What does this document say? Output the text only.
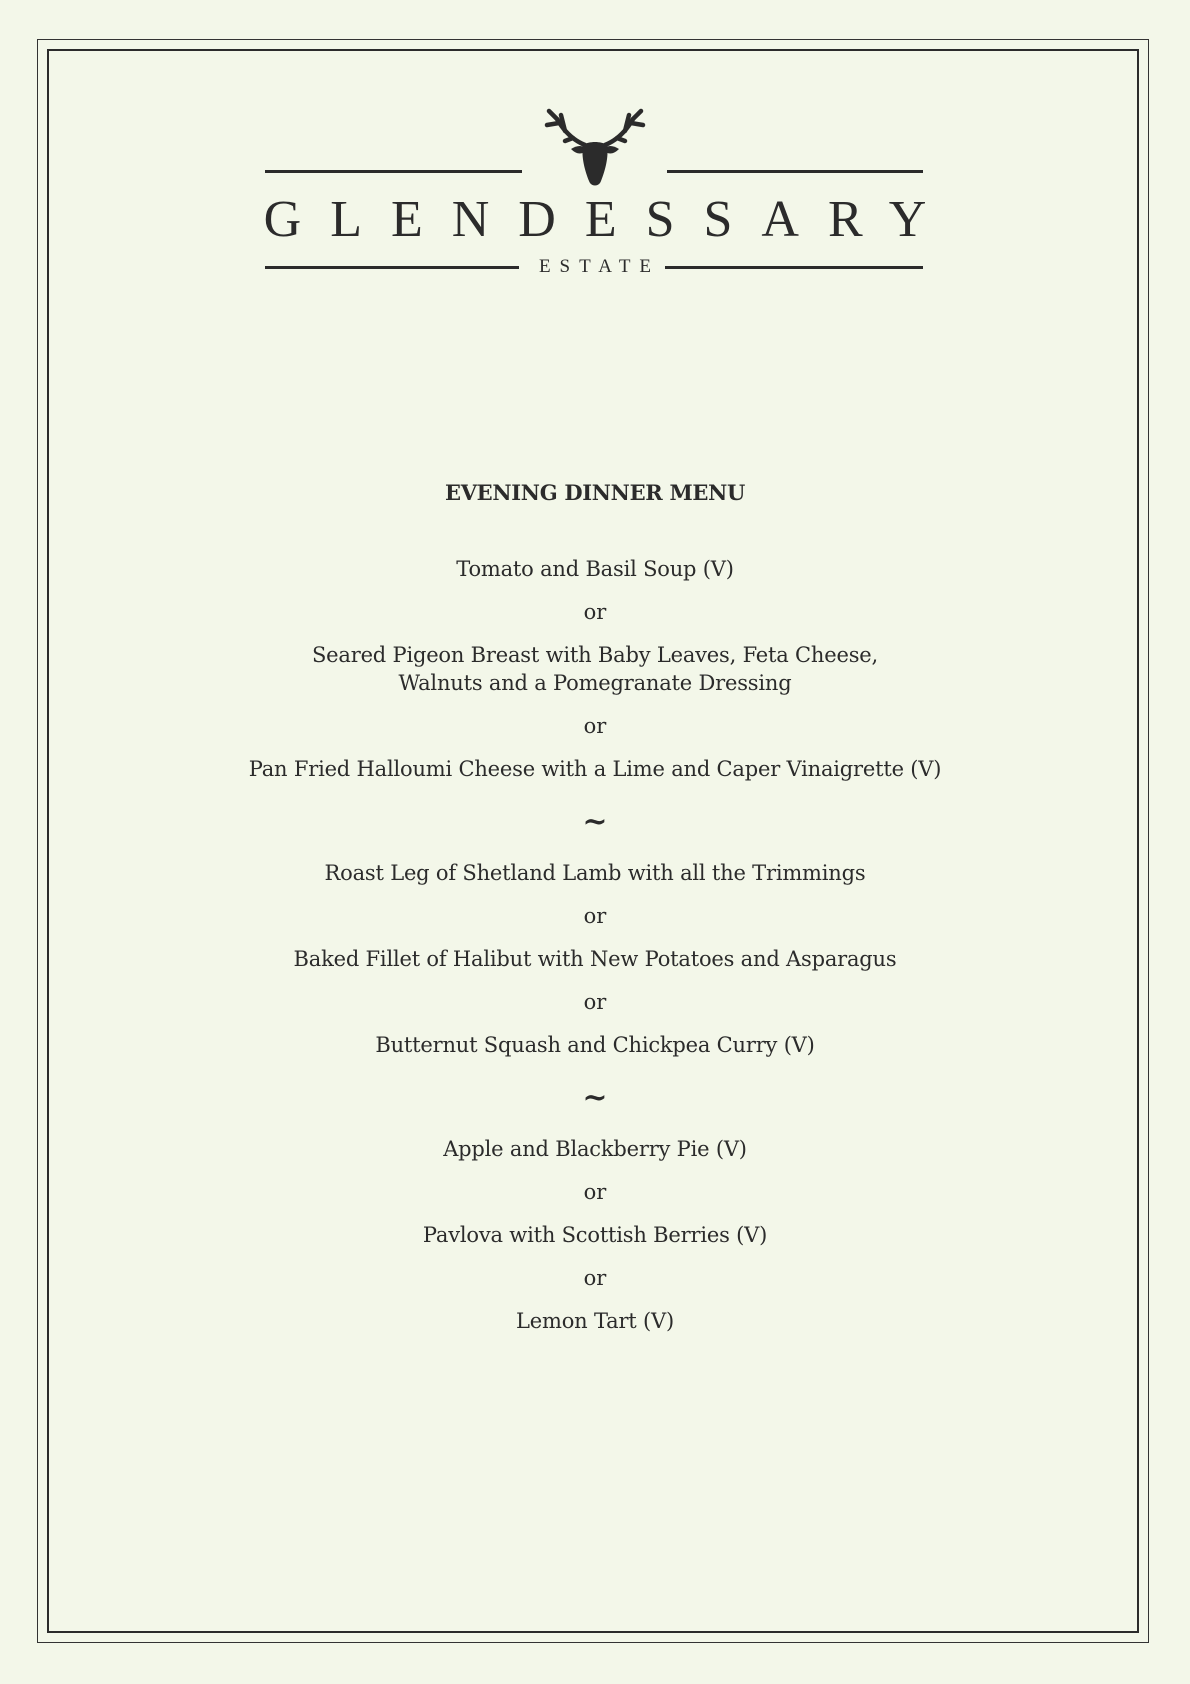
GLENDESSARY
ESTATE
EVENING DINNER MENU

Tomato and Basil Soup (V)

or

Seared Pigeon Breast with Baby Leaves, Feta Cheese,

Walnuts and a Pomegranate Dressing

or

Pan Fried Halloumi Cheese with a Lime and Caper Vinaigrette (V)

~

Roast Leg of Shetland Lamb with all the Trimmings

or

Baked Fillet of Halibut with New Potatoes and Asparagus

or

Butternut Squash and Chickpea Curry (V)

~

Apple and Blackberry Pie (V)

or

Pavlova with Scottish Berries (V)

or

Lemon Tart (V)
